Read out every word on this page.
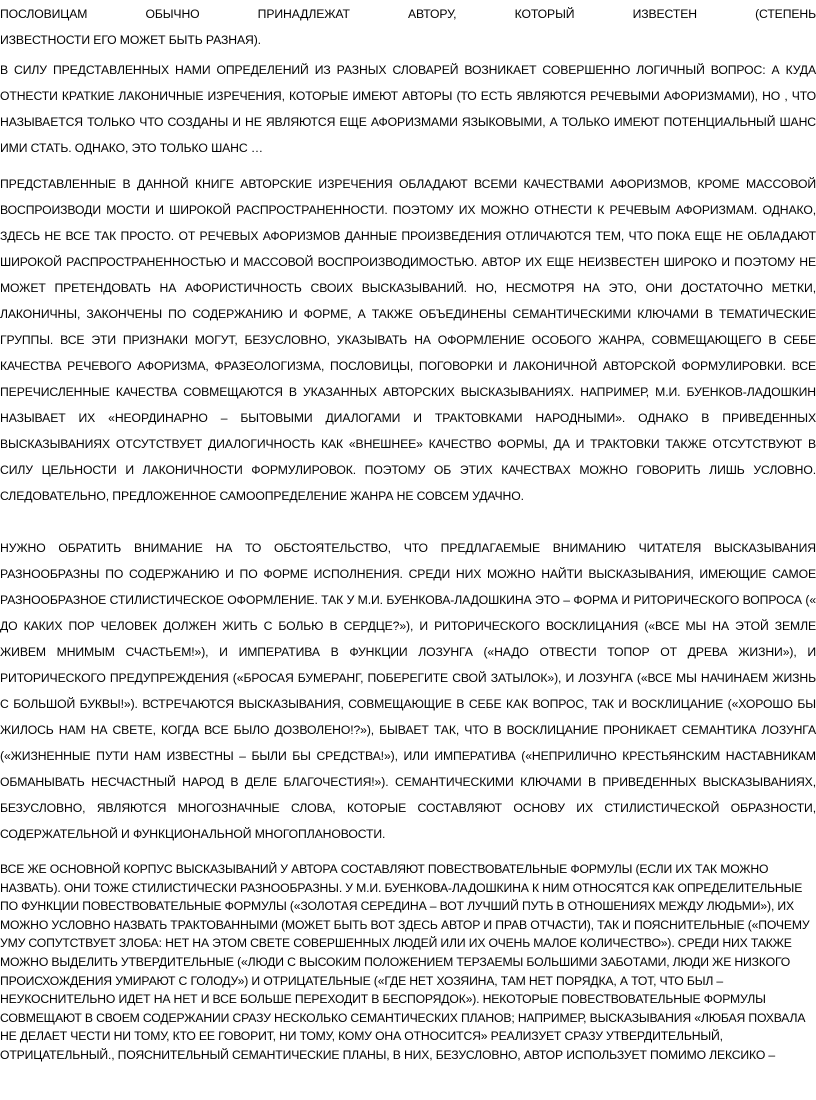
ПОСЛОВИЦАМ ОБЫЧНО ПРИНАДЛЕЖАТ АВТОРУ, КОТОРЫЙ ИЗВЕСТЕН (СТЕПЕНЬ
ИЗВЕСТНОСТИ ЕГО МОЖЕТ БЫТЬ РАЗНАЯ).

В СИЛУ ПРЕДСТАВЛЕННЫХ НАМИ ОПРЕДЕЛЕНИЙ ИЗ РАЗНЫХ СЛОВАРЕЙ ВОЗНИКАЕТ СОВЕРШЕННО ЛОГИЧНЫЙ ВОПРОС: А КУДА ОТНЕСТИ КРАТКИЕ ЛАКОНИЧНЫЕ ИЗРЕЧЕНИЯ, КОТОРЫЕ ИМЕЮТ АВТОРЫ (ТО ЕСТЬ ЯВЛЯЮТСЯ РЕЧЕВЫМИ АФОРИЗМАМИ), НО , ЧТО НАЗЫВАЕТСЯ ТОЛЬКО ЧТО СОЗДАНЫ И НЕ ЯВЛЯЮТСЯ ЕЩЕ АФОРИЗМАМИ ЯЗЫКОВЫМИ, А ТОЛЬКО ИМЕЮТ ПОТЕНЦИАЛЬНЫЙ ШАНС ИМИ СТАТЬ. ОДНАКО, ЭТО ТОЛЬКО ШАНС …

ПРЕДСТАВЛЕННЫЕ В ДАННОЙ КНИГЕ АВТОРСКИЕ ИЗРЕЧЕНИЯ ОБЛАДАЮТ ВСЕМИ КАЧЕСТВАМИ АФОРИЗМОВ, КРОМЕ МАССОВОЙ ВОСПРОИЗВОДИ МОСТИ И ШИРОКОЙ РАСПРОСТРАНЕННОСТИ. ПОЭТОМУ ИХ МОЖНО ОТНЕСТИ К РЕЧЕВЫМ АФОРИЗМАМ. ОДНАКО, ЗДЕСЬ НЕ ВСЕ ТАК ПРОСТО. ОТ РЕЧЕВЫХ АФОРИЗМОВ ДАННЫЕ ПРОИЗВЕДЕНИЯ ОТЛИЧАЮТСЯ ТЕМ, ЧТО ПОКА ЕЩЕ НЕ ОБЛАДАЮТ ШИРОКОЙ РАСПРОСТРАНЕННОСТЬЮ И МАССОВОЙ ВОСПРОИЗВОДИМОСТЬЮ. АВТОР ИХ ЕЩЕ НЕИЗВЕСТЕН ШИРОКО И ПОЭТОМУ НЕ МОЖЕТ ПРЕТЕНДОВАТЬ НА АФОРИСТИЧНОСТЬ СВОИХ ВЫСКАЗЫВАНИЙ. НО, НЕСМОТРЯ НА ЭТО, ОНИ ДОСТАТОЧНО МЕТКИ, ЛАКОНИЧНЫ, ЗАКОНЧЕНЫ ПО СОДЕРЖАНИЮ И ФОРМЕ, А ТАКЖЕ ОБЪЕДИНЕНЫ СЕМАНТИЧЕСКИМИ КЛЮЧАМИ В ТЕМАТИЧЕСКИЕ ГРУППЫ. ВСЕ ЭТИ ПРИЗНАКИ МОГУТ, БЕЗУСЛОВНО, УКАЗЫВАТЬ НА ОФОРМЛЕНИЕ ОСОБОГО ЖАНРА, СОВМЕЩАЮЩЕГО В СЕБЕ КАЧЕСТВА РЕЧЕВОГО АФОРИЗМА, ФРАЗЕОЛОГИЗМА, ПОСЛОВИЦЫ, ПОГОВОРКИ И ЛАКОНИЧНОЙ АВТОРСКОЙ ФОРМУЛИРОВКИ. ВСЕ ПЕРЕЧИСЛЕННЫЕ КАЧЕСТВА СОВМЕЩАЮТСЯ В УКАЗАННЫХ АВТОРСКИХ ВЫСКАЗЫВАНИЯХ. НАПРИМЕР, М.И. БУЕНКОВ-ЛАДОШКИН НАЗЫВАЕТ ИХ «НЕОРДИНАРНО – БЫТОВЫМИ ДИАЛОГАМИ И ТРАКТОВКАМИ НАРОДНЫМИ». ОДНАКО В ПРИВЕДЕННЫХ ВЫСКАЗЫВАНИЯХ ОТСУТСТВУЕТ ДИАЛОГИЧНОСТЬ КАК «ВНЕШНЕЕ» КАЧЕСТВО ФОРМЫ, ДА И ТРАКТОВКИ ТАКЖЕ ОТСУТСТВУЮТ В СИЛУ ЦЕЛЬНОСТИ И ЛАКОНИЧНОСТИ ФОРМУЛИРОВОК. ПОЭТОМУ ОБ ЭТИХ КАЧЕСТВАХ МОЖНО ГОВОРИТЬ ЛИШЬ УСЛОВНО. СЛЕДОВАТЕЛЬНО, ПРЕДЛОЖЕННОЕ САМООПРЕДЕЛЕНИЕ ЖАНРА НЕ СОВСЕМ УДАЧНО.

НУЖНО ОБРАТИТЬ ВНИМАНИЕ НА ТО ОБСТОЯТЕЛЬСТВО, ЧТО ПРЕДЛАГАЕМЫЕ ВНИМАНИЮ ЧИТАТЕЛЯ ВЫСКАЗЫВАНИЯ РАЗНООБРАЗНЫ ПО СОДЕРЖАНИЮ И ПО ФОРМЕ ИСПОЛНЕНИЯ. СРЕДИ НИХ МОЖНО НАЙТИ ВЫСКАЗЫВАНИЯ, ИМЕЮЩИЕ САМОЕ РАЗНООБРАЗНОЕ СТИЛИСТИЧЕСКОЕ ОФОРМЛЕНИЕ. ТАК У М.И. БУЕНКОВА-ЛАДОШКИНА ЭТО – ФОРМА И РИТОРИЧЕСКОГО ВОПРОСА (« ДО КАКИХ ПОР ЧЕЛОВЕК ДОЛЖЕН ЖИТЬ С БОЛЬЮ В СЕРДЦЕ?»), И РИТОРИЧЕСКОГО ВОСКЛИЦАНИЯ («ВСЕ МЫ НА ЭТОЙ ЗЕМЛЕ ЖИВЕМ МНИМЫМ СЧАСТЬЕМ!»), И ИМПЕРАТИВА В ФУНКЦИИ ЛОЗУНГА («НАДО ОТВЕСТИ ТОПОР ОТ ДРЕВА ЖИЗНИ»), И РИТОРИЧЕСКОГО ПРЕДУПРЕЖДЕНИЯ («БРОСАЯ БУМЕРАНГ, ПОБЕРЕГИТЕ СВОЙ ЗАТЫЛОК»), И ЛОЗУНГА («ВСЕ МЫ НАЧИНАЕМ ЖИЗНЬ С БОЛЬШОЙ БУКВЫ!»). ВСТРЕЧАЮТСЯ ВЫСКАЗЫВАНИЯ, СОВМЕЩАЮЩИЕ В СЕБЕ КАК ВОПРОС, ТАК И ВОСКЛИЦАНИЕ («ХОРОШО БЫ ЖИЛОСЬ НАМ НА СВЕТЕ, КОГДА ВСЕ БЫЛО ДОЗВОЛЕНО!?»), БЫВАЕТ ТАК, ЧТО В ВОСКЛИЦАНИЕ ПРОНИКАЕТ СЕМАНТИКА ЛОЗУНГА («ЖИЗНЕННЫЕ ПУТИ НАМ ИЗВЕСТНЫ – БЫЛИ БЫ СРЕДСТВА!»), ИЛИ ИМПЕРАТИВА («НЕПРИЛИЧНО КРЕСТЬЯНСКИМ НАСТАВНИКАМ ОБМАНЫВАТЬ НЕСЧАСТНЫЙ НАРОД В ДЕЛЕ БЛАГОЧЕСТИЯ!»). СЕМАНТИЧЕСКИМИ КЛЮЧАМИ В ПРИВЕДЕННЫХ ВЫСКАЗЫВАНИЯХ, БЕЗУСЛОВНО, ЯВЛЯЮТСЯ МНОГОЗНАЧНЫЕ СЛОВА, КОТОРЫЕ СОСТАВЛЯЮТ ОСНОВУ ИХ СТИЛИСТИЧЕСКОЙ ОБРАЗНОСТИ, СОДЕРЖАТЕЛЬНОЙ И ФУНКЦИОНАЛЬНОЙ МНОГОПЛАНОВОСТИ.

ВСЕ ЖЕ ОСНОВНОЙ КОРПУС ВЫСКАЗЫВАНИЙ У АВТОРА СОСТАВЛЯЮТ ПОВЕСТВОВАТЕЛЬНЫЕ ФОРМУЛЫ (ЕСЛИ ИХ ТАК МОЖНО НАЗВАТЬ). ОНИ ТОЖЕ СТИЛИСТИЧЕСКИ РАЗНООБРАЗНЫ. У М.И. БУЕНКОВА-ЛАДОШКИНА К НИМ ОТНОСЯТСЯ КАК ОПРЕДЕЛИТЕЛЬНЫЕ ПО ФУНКЦИИ ПОВЕСТВОВАТЕЛЬНЫЕ ФОРМУЛЫ («ЗОЛОТАЯ СЕРЕДИНА – ВОТ ЛУЧШИЙ ПУТЬ В ОТНОШЕНИЯХ МЕЖДУ ЛЮДЬМИ»), ИХ МОЖНО УСЛОВНО НАЗВАТЬ ТРАКТОВАННЫМИ (МОЖЕТ БЫТЬ ВОТ ЗДЕСЬ АВТОР И ПРАВ ОТЧАСТИ), ТАК И ПОЯСНИТЕЛЬНЫЕ («ПОЧЕМУ УМУ СОПУТСТВУЕТ ЗЛОБА: НЕТ НА ЭТОМ СВЕТЕ СОВЕРШЕННЫХ ЛЮДЕЙ ИЛИ ИХ ОЧЕНЬ МАЛОЕ КОЛИЧЕСТВО»). СРЕДИ НИХ ТАКЖЕ МОЖНО ВЫДЕЛИТЬ УТВЕРДИТЕЛЬНЫЕ («ЛЮДИ С ВЫСОКИМ ПОЛОЖЕНИЕМ ТЕРЗАЕМЫ БОЛЬШИМИ ЗАБОТАМИ, ЛЮДИ ЖЕ НИЗКОГО ПРОИСХОЖДЕНИЯ УМИРАЮТ С ГОЛОДУ») И ОТРИЦАТЕЛЬНЫЕ («ГДЕ НЕТ ХОЗЯИНА, ТАМ НЕТ ПОРЯДКА, А ТОТ, ЧТО БЫЛ – НЕУКОСНИТЕЛЬНО ИДЕТ НА НЕТ И ВСЕ БОЛЬШЕ ПЕРЕХОДИТ В БЕСПОРЯДОК»). НЕКОТОРЫЕ ПОВЕСТВОВАТЕЛЬНЫЕ ФОРМУЛЫ СОВМЕЩАЮТ В СВОЕМ СОДЕРЖАНИИ СРАЗУ НЕСКОЛЬКО СЕМАНТИЧЕСКИХ ПЛАНОВ; НАПРИМЕР, ВЫСКАЗЫВАНИЯ «ЛЮБАЯ ПОХВАЛА НЕ ДЕЛАЕТ ЧЕСТИ НИ ТОМУ, КТО ЕЕ ГОВОРИТ, НИ ТОМУ, КОМУ ОНА ОТНОСИТСЯ» РЕАЛИЗУЕТ СРАЗУ УТВЕРДИТЕЛЬНЫЙ, ОТРИЦАТЕЛЬНЫЙ., ПОЯСНИТЕЛЬНЫЙ СЕМАНТИЧЕСКИЕ ПЛАНЫ, В НИХ, БЕЗУСЛОВНО, АВТОР ИСПОЛЬЗУЕТ ПОМИМО ЛЕКСИКО –
